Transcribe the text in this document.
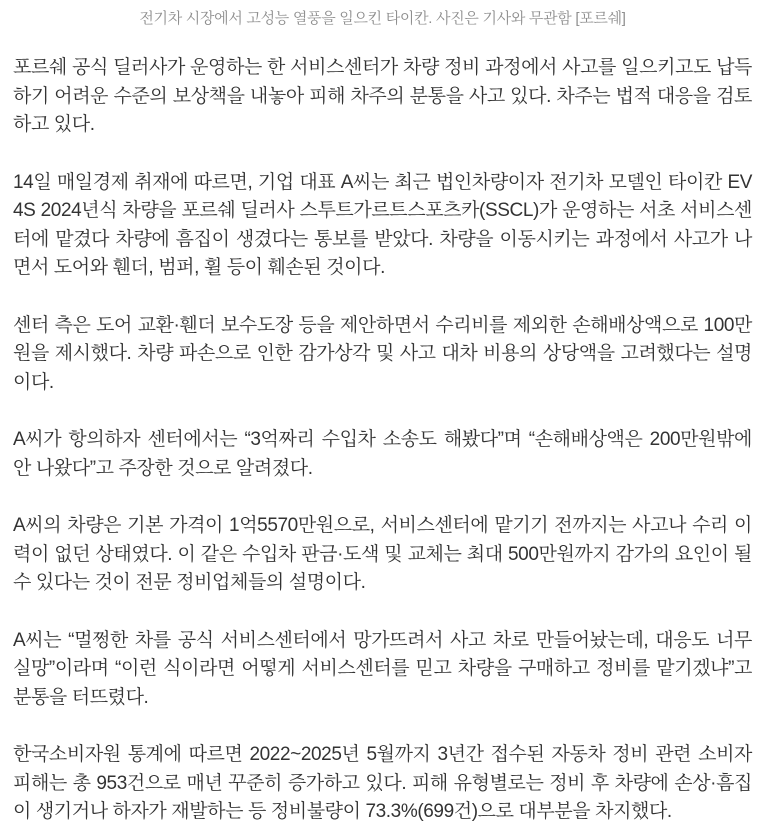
전기차 시장에서 고성능 열풍을 일으킨 타이칸. 사진은 기사와 무관함 [포르쉐]

포르쉐 공식 딜러사가 운영하는 한 서비스센터가 차량 정비 과정에서 사고를 일으키고도 납득하기 어려운 수준의 보상책을 내놓아 피해 차주의 분통을 사고 있다. 차주는 법적 대응을 검토하고 있다.

14일 매일경제 취재에 따르면, 기업 대표 A씨는 최근 법인차량이자 전기차 모델인 타이칸 EV4S 2024년식 차량을 포르쉐 딜러사 스투트가르트스포츠카(SSCL)가 운영하는 서초 서비스센터에 맡겼다 차량에 흠집이 생겼다는 통보를 받았다. 차량을 이동시키는 과정에서 사고가 나면서 도어와 휀더, 범퍼, 휠 등이 훼손된 것이다.

센터 측은 도어 교환·휀더 보수도장 등을 제안하면서 수리비를 제외한 손해배상액으로 100만원을 제시했다. 차량 파손으로 인한 감가상각 및 사고 대차 비용의 상당액을 고려했다는 설명이다.

A씨가 항의하자 센터에서는 “3억짜리 수입차 소송도 해봤다”며 “손해배상액은 200만원밖에 안 나왔다”고 주장한 것으로 알려졌다.

A씨의 차량은 기본 가격이 1억5570만원으로, 서비스센터에 맡기기 전까지는 사고나 수리 이력이 없던 상태였다. 이 같은 수입차 판금·도색 및 교체는 최대 500만원까지 감가의 요인이 될 수 있다는 것이 전문 정비업체들의 설명이다.

A씨는 “멀쩡한 차를 공식 서비스센터에서 망가뜨려서 사고 차로 만들어놨는데, 대응도 너무 실망”이라며 “이런 식이라면 어떻게 서비스센터를 믿고 차량을 구매하고 정비를 맡기겠냐”고 분통을 터뜨렸다.

한국소비자원 통계에 따르면 2022~2025년 5월까지 3년간 접수된 자동차 정비 관련 소비자 피해는 총 953건으로 매년 꾸준히 증가하고 있다. 피해 유형별로는 정비 후 차량에 손상·흠집이 생기거나 하자가 재발하는 등 정비불량이 73.3%(699건)으로 대부분을 차지했다.
